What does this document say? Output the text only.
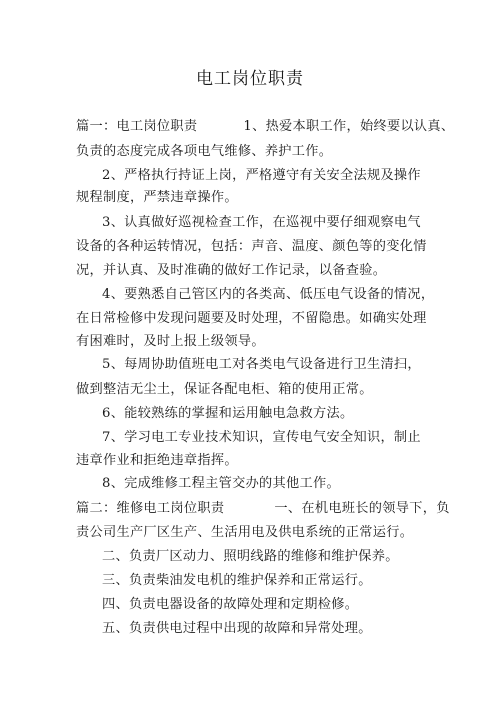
电工岗位职责
篇一：电工岗位职责	1、热爱本职工作，始终要以认真、
负责的态度完成各项电气维修、养护工作。
2、严格执行持证上岗，严格遵守有关安全法规及操作
规程制度，严禁违章操作。
3、认真做好巡视检查工作，在巡视中要仔细观察电气
设备的各种运转情况，包括：声音、温度、颜色等的变化情
况，并认真、及时准确的做好工作记录，以备查验。
4、要熟悉自己管区内的各类高、低压电气设备的情况，
在日常检修中发现问题要及时处理，不留隐患。如确实处理
有困难时，及时上报上级领导。
5、每周协助值班电工对各类电气设备进行卫生清扫，
做到整洁无尘土，保证各配电柜、箱的使用正常。
6、能较熟练的掌握和运用触电急救方法。
7、学习电工专业技术知识，宣传电气安全知识，制止
违章作业和拒绝违章指挥。
8、完成维修工程主管交办的其他工作。
篇二：维修电工岗位职责	一、在机电班长的领导下，负
责公司生产厂区生产、生活用电及供电系统的正常运行。
二、负责厂区动力、照明线路的维修和维护保养。
三、负责柴油发电机的维护保养和正常运行。
四、负责电器设备的故障处理和定期检修。
五、负责供电过程中出现的故障和异常处理。
